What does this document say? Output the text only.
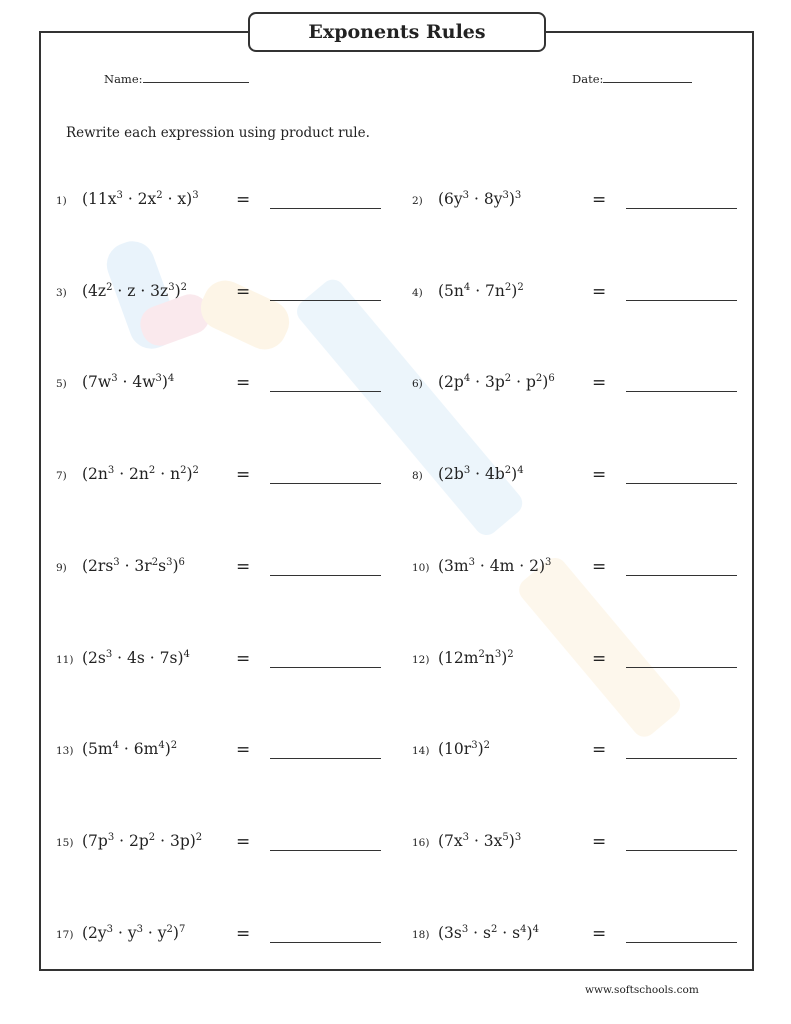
Exponents Rules
Name:	Date:
Rewrite each expression using product rule.
1) $(11x^3 \cdot 2x^2 \cdot x)^3$ =	2) $(6y^3 \cdot 8y^3)^3$	=
3) $(4z^2 \cdot z \cdot 3z^3)^2$	=	4) $(5n^4 \cdot 7n^2)^2$	=
5) $(7w^3 \cdot 4w^3)^4$	=	6) $(2p^4 \cdot 3p^2 \cdot p^2)^6$ =
7) $(2n^3 \cdot 2n^2 \cdot n^2)^2$ =	8) $(2b^3 \cdot 4b^2)^4$	=
9) $(2rs^3 \cdot 3r^2s^3)^6$	=	10) $(3m^3 \cdot 4m \cdot 2)^3$ =
11) $(2s^3 \cdot 4s \cdot 7s)^4$	=	12) $(12m^2n^3)^2$	=
13) $(5m^4 \cdot 6m^4)^2$	=	14) $(10r^3)^2$	=
15) $(7p^3 \cdot 2p^2 \cdot 3p)^2$ =	16) $(7x^3 \cdot 3x^5)^3$	=
17) $(2y^3 \cdot y^3 \cdot y^2)^7$	=	18) $(3s^3 \cdot s^2 \cdot s^4)^4$	=
www.softschools.com
